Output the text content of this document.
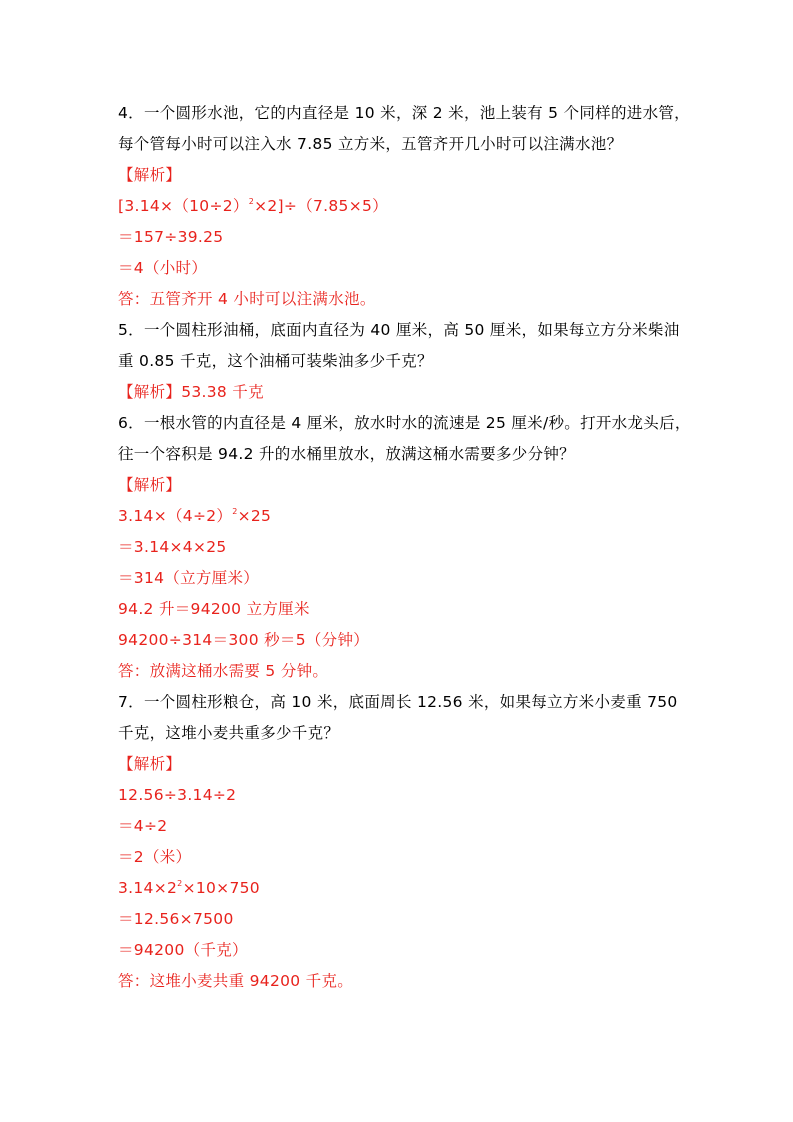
4．一个圆形水池，它的内直径是 10 米，深 2 米，池上装有 5 个同样的进水管，
每个管每小时可以注入水 7.85 立方米，五管齐开几小时可以注满水池？
【解析】
$[3.14\times(10\div 2)^2\times 2]\div(7.85\times 5)$
＝157÷39.25
＝4（小时）
答：五管齐开 4 小时可以注满水池。
5．一个圆柱形油桶，底面内直径为 40 厘米，高 50 厘米，如果每立方分米柴油
重 0.85 千克，这个油桶可装柴油多少千克？
【解析】53.38 千克
6．一根水管的内直径是 4 厘米，放水时水的流速是 25 厘米/秒。打开水龙头后，
往一个容积是 94.2 升的水桶里放水，放满这桶水需要多少分钟？
【解析】
$3.14\times(4\div 2)^2\times 25$
＝3.14×4×25
＝314（立方厘米）
94.2 升＝94200 立方厘米
94200÷314＝300 秒＝5（分钟）
答：放满这桶水需要 5 分钟。
7．一个圆柱形粮仓，高 10 米，底面周长 12.56 米，如果每立方米小麦重 750
千克，这堆小麦共重多少千克？
【解析】
12.56÷3.14÷2
＝4÷2
＝2（米）
$3.14\times 2^2\times 10\times 750$
＝12.56×7500
＝94200（千克）
答：这堆小麦共重 94200 千克。
